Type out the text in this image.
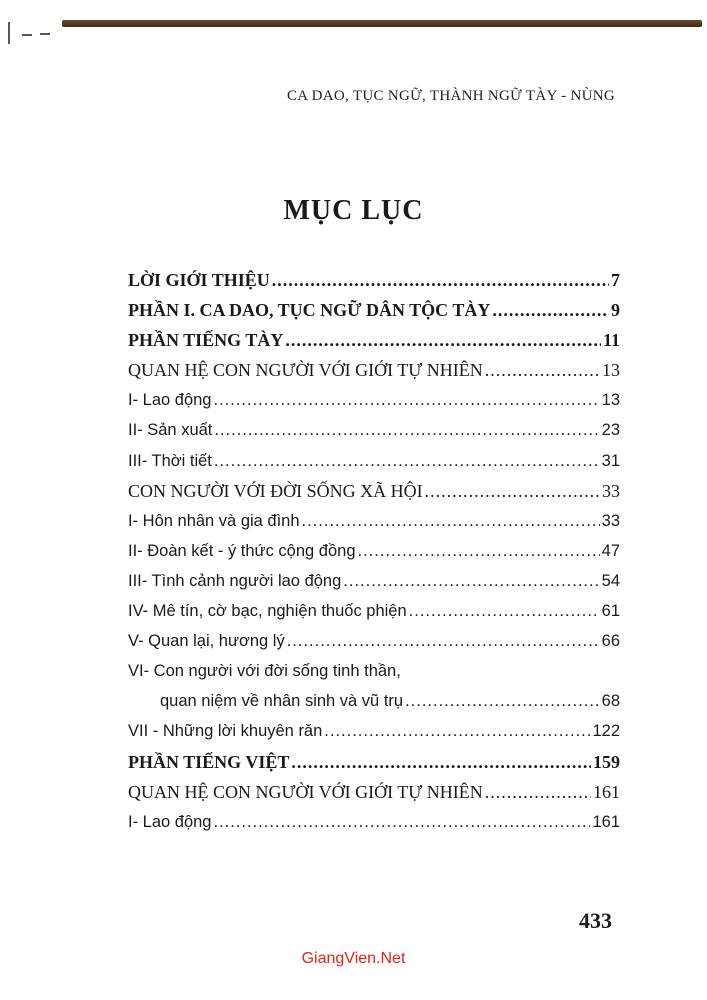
CA DAO, TỤC NGỮ, THÀNH NGỮ TÀY - NÙNG
MỤC LỤC
LỜI GIỚI THIỆU .....	7
PHẦN I. CA DAO, TỤC NGỮ DÂN TỘC TÀY .....	9
PHẦN TIẾNG TÀY .....	11
QUAN HỆ CON NGƯỜI VỚI GIỚI TỰ NHIÊN .....	13
I- Lao động .....	13
II- Sản xuất .....	23
III- Thời tiết .....	31
CON NGƯỜI VỚI ĐỜI SỐNG XÃ HỘI .....	33
I- Hôn nhân và gia đình .....	33
II- Đoàn kết - ý thức cộng đồng .....	47
III- Tình cảnh người lao động .....	54
IV- Mê tín, cờ bạc, nghiện thuốc phiện .....	61
V- Quan lại, hương lý .....	66
VI- Con người với đời sống tinh thần,
quan niệm về nhân sinh và vũ trụ .....	68
VII - Những lời khuyên răn .....	122
PHẦN TIẾNG VIỆT .....	159
QUAN HỆ CON NGƯỜI VỚI GIỚI TỰ NHIÊN .....	161
I- Lao động .....	161
433
GiangVien.Net
